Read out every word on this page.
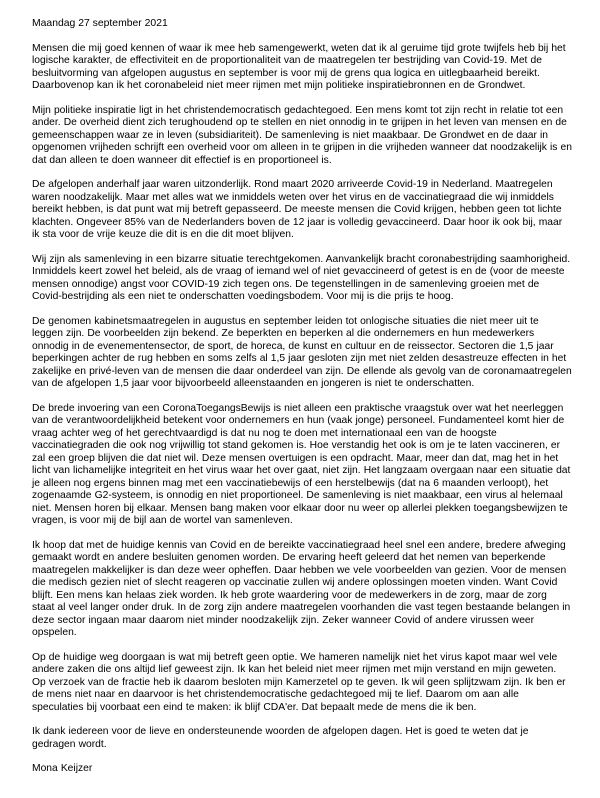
Maandag 27 september 2021

Mensen die mij goed kennen of waar ik mee heb samengewerkt, weten dat ik al geruime tijd grote twijfels heb bij het logische karakter, de effectiviteit en de proportionaliteit van de maatregelen ter bestrijding van Covid-19. Met de besluitvorming van afgelopen augustus en september is voor mij de grens qua logica en uitlegbaarheid bereikt. Daarbovenop kan ik het coronabeleid niet meer rijmen met mijn politieke inspiratiebronnen en de Grondwet.

Mijn politieke inspiratie ligt in het christendemocratisch gedachtegoed. Een mens komt tot zijn recht in relatie tot een ander. De overheid dient zich terughoudend op te stellen en niet onnodig in te grijpen in het leven van mensen en de gemeenschappen waar ze in leven (subsidiariteit). De samenleving is niet maakbaar. De Grondwet en de daar in opgenomen vrijheden schrijft een overheid voor om alleen in te grijpen in die vrijheden wanneer dat noodzakelijk is en dat dan alleen te doen wanneer dit effectief is en proportioneel is.

De afgelopen anderhalf jaar waren uitzonderlijk. Rond maart 2020 arriveerde Covid-19 in Nederland. Maatregelen waren noodzakelijk. Maar met alles wat we inmiddels weten over het virus en de vaccinatiegraad die wij inmiddels bereikt hebben, is dat punt wat mij betreft gepasseerd. De meeste mensen die Covid krijgen, hebben geen tot lichte klachten. Ongeveer 85% van de Nederlanders boven de 12 jaar is volledig gevaccineerd. Daar hoor ik ook bij, maar ik sta voor de vrije keuze die dit is en die dit moet blijven.

Wij zijn als samenleving in een bizarre situatie terechtgekomen. Aanvankelijk bracht coronabestrijding saamhorigheid. Inmiddels keert zowel het beleid, als de vraag of iemand wel of niet gevaccineerd of getest is en de (voor de meeste mensen onnodige) angst voor COVID-19 zich tegen ons. De tegenstellingen in de samenleving groeien met de Covid-bestrijding als een niet te onderschatten voedingsbodem. Voor mij is die prijs te hoog.

De genomen kabinetsmaatregelen in augustus en september leiden tot onlogische situaties die niet meer uit te leggen zijn. De voorbeelden zijn bekend. Ze beperkten en beperken al die ondernemers en hun medewerkers onnodig in de evenementensector, de sport, de horeca, de kunst en cultuur en de reissector. Sectoren die 1,5 jaar beperkingen achter de rug hebben en soms zelfs al 1,5 jaar gesloten zijn met niet zelden desastreuze effecten in het zakelijke en privé-leven van de mensen die daar onderdeel van zijn. De ellende als gevolg van de coronamaatregelen van de afgelopen 1,5 jaar voor bijvoorbeeld alleenstaanden en jongeren is niet te onderschatten.

De brede invoering van een CoronaToegangsBewijs is niet alleen een praktische vraagstuk over wat het neerleggen van de verantwoordelijkheid betekent voor ondernemers en hun (vaak jonge) personeel. Fundamenteel komt hier de vraag achter weg of het gerechtvaardigd is dat nu nog te doen met internationaal een van de hoogste vaccinatiegraden die ook nog vrijwillig tot stand gekomen is. Hoe verstandig het ook is om je te laten vaccineren, er zal een groep blijven die dat niet wil. Deze mensen overtuigen is een opdracht. Maar, meer dan dat, mag het in het licht van lichamelijke integriteit en het virus waar het over gaat, niet zijn. Het langzaam overgaan naar een situatie dat je alleen nog ergens binnen mag met een vaccinatiebewijs of een herstelbewijs (dat na 6 maanden verloopt), het zogenaamde G2-systeem, is onnodig en niet proportioneel. De samenleving is niet maakbaar, een virus al helemaal niet. Mensen horen bij elkaar. Mensen bang maken voor elkaar door nu weer op allerlei plekken toegangsbewijzen te vragen, is voor mij de bijl aan de wortel van samenleven.

Ik hoop dat met de huidige kennis van Covid en de bereikte vaccinatiegraad heel snel een andere, bredere afweging gemaakt wordt en andere besluiten genomen worden. De ervaring heeft geleerd dat het nemen van beperkende maatregelen makkelijker is dan deze weer opheffen. Daar hebben we vele voorbeelden van gezien. Voor de mensen die medisch gezien niet of slecht reageren op vaccinatie zullen wij andere oplossingen moeten vinden. Want Covid blijft. Een mens kan helaas ziek worden. Ik heb grote waardering voor de medewerkers in de zorg, maar de zorg staat al veel langer onder druk. In de zorg zijn andere maatregelen voorhanden die vast tegen bestaande belangen in deze sector ingaan maar daarom niet minder noodzakelijk zijn. Zeker wanneer Covid of andere virussen weer opspelen.

Op de huidige weg doorgaan is wat mij betreft geen optie. We hameren namelijk niet het virus kapot maar wel vele andere zaken die ons altijd lief geweest zijn. Ik kan het beleid niet meer rijmen met mijn verstand en mijn geweten. Op verzoek van de fractie heb ik daarom besloten mijn Kamerzetel op te geven. Ik wil geen splijtzwam zijn. Ik ben er de mens niet naar en daarvoor is het christendemocratische gedachtegoed mij te lief. Daarom om aan alle speculaties bij voorbaat een eind te maken: ik blijf CDA'er. Dat bepaalt mede de mens die ik ben.

Ik dank iedereen voor de lieve en ondersteunende woorden de afgelopen dagen. Het is goed te weten dat je gedragen wordt.

Mona Keijzer
